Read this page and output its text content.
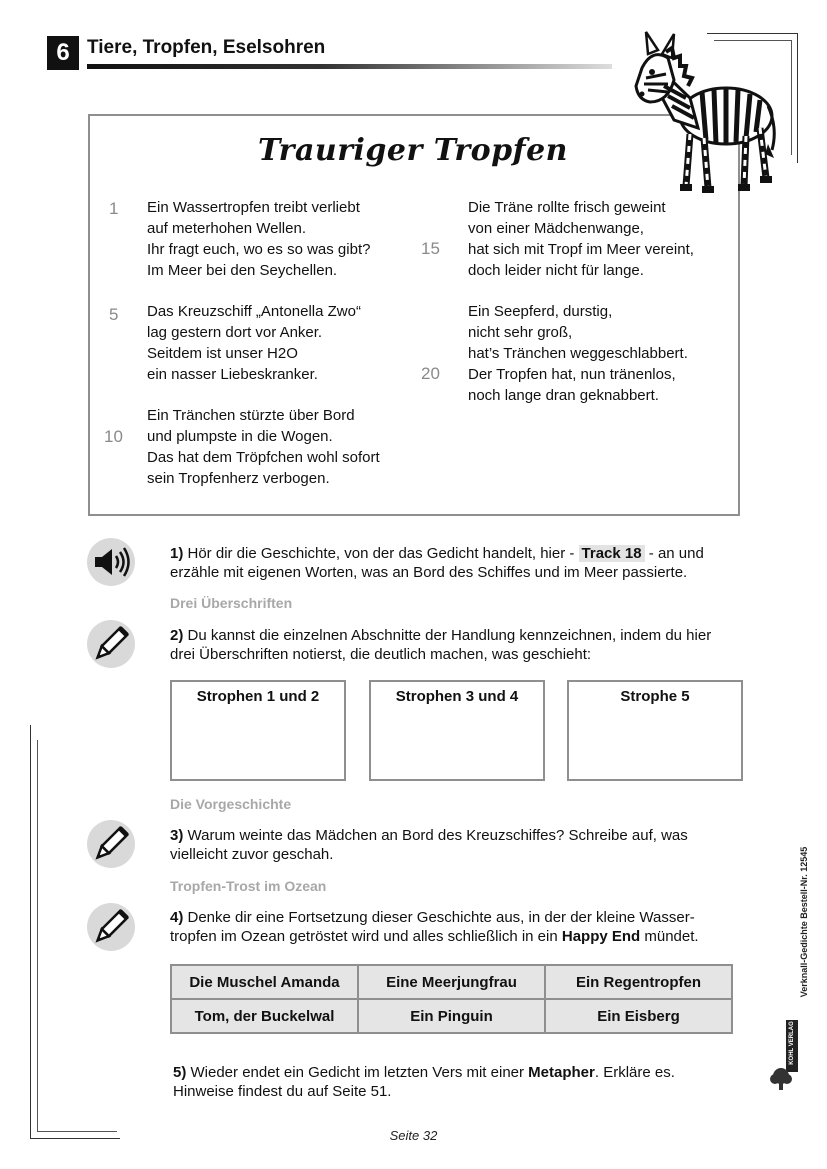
6 Tiere, Tropfen, Eselsohren
Trauriger Tropfen
1
5
10
15
20
Ein Wassertropfen treibt verliebt
auf meterhohen Wellen.
Ihr fragt euch, wo es so was gibt?
Im Meer bei den Seychellen.
Das Kreuzschiff „Antonella Zwo“
lag gestern dort vor Anker.
Seitdem ist unser H2O
ein nasser Liebeskranker.
Ein Tränchen stürzte über Bord
und plumpste in die Wogen.
Das hat dem Tröpfchen wohl sofort
sein Tropfenherz verbogen.
Die Träne rollte frisch geweint
von einer Mädchenwange,
hat sich mit Tropf im Meer vereint,
doch leider nicht für lange.
Ein Seepferd, durstig,
nicht sehr groß,
hat’s Tränchen weggeschlabbert.
Der Tropfen hat, nun tränenlos,
noch lange dran geknabbert.
1) Hör dir die Geschichte, von der das Gedicht handelt, hier - Track 18 - an und
erzähle mit eigenen Worten, was an Bord des Schiffes und im Meer passierte.
Drei Überschriften
2) Du kannst die einzelnen Abschnitte der Handlung kennzeichnen, indem du hier
drei Überschriften notierst, die deutlich machen, was geschieht:
Strophen 1 und 2	Strophen 3 und 4	Strophe 5
Die Vorgeschichte
3) Warum weinte das Mädchen an Bord des Kreuzschiffes? Schreibe auf, was
vielleicht zuvor geschah.
Tropfen-Trost im Ozean
4) Denke dir eine Fortsetzung dieser Geschichte aus, in der der kleine Wasser-
tropfen im Ozean getröstet wird und alles schließlich in ein Happy End mündet.
Die Muschel Amanda	Eine Meerjungfrau	Ein Regentropfen
Tom, der Buckelwal	Ein Pinguin	Ein Eisberg
5) Wieder endet ein Gedicht im letzten Vers mit einer Metapher. Erkläre es.
Hinweise findest du auf Seite 51.
Verknall-Gedichte Bestell-Nr. 12545
KOHL VERLAG
Seite 32
